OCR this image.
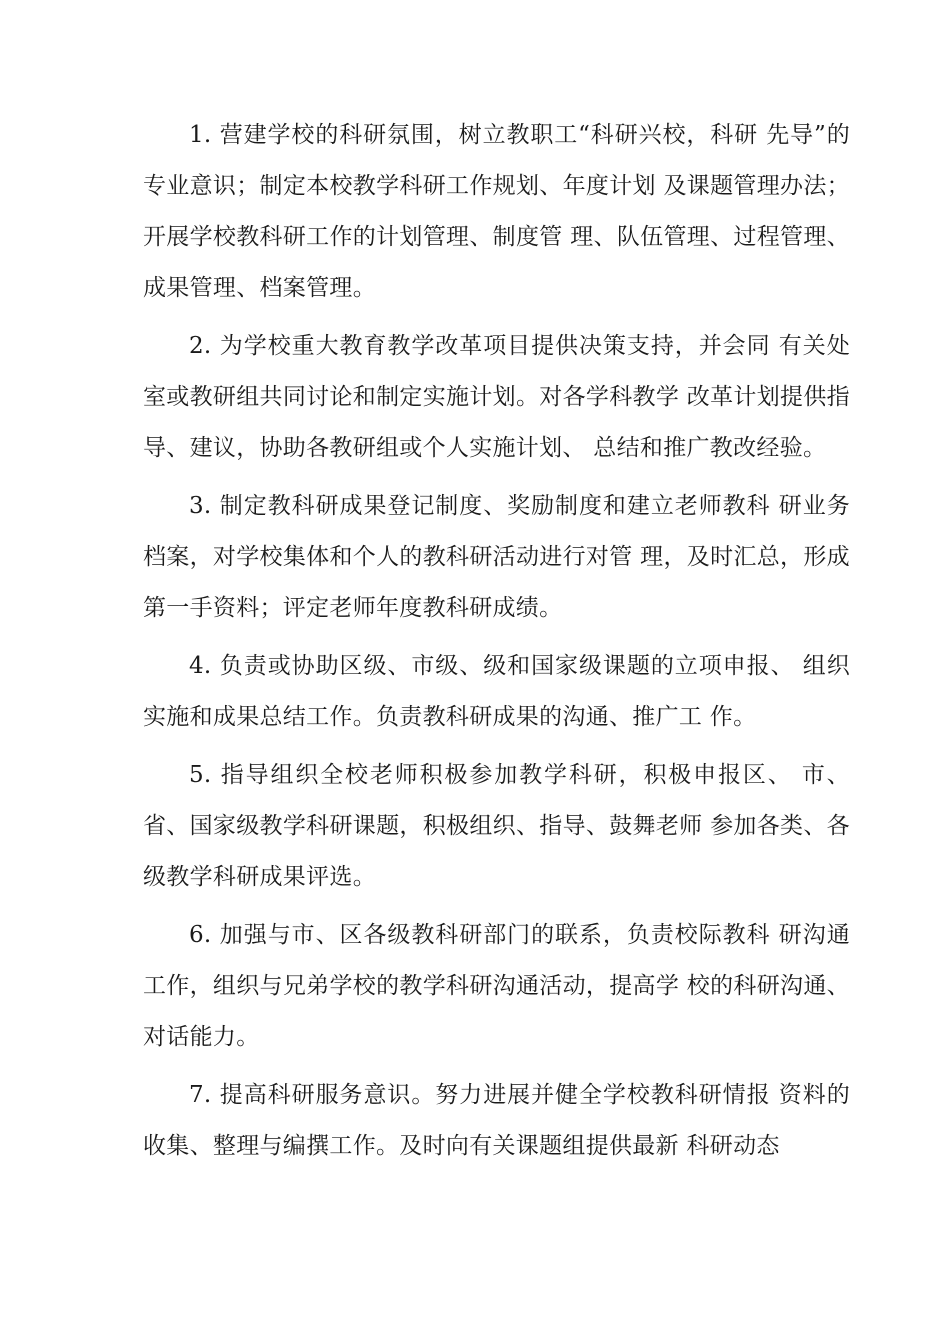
1. 营建学校的科研氛围，树立教职工“科研兴校，科研 先导”的专业意识；制定本校教学科研工作规划、年度计划 及课题管理办法；开展学校教科研工作的计划管理、制度管 理、队伍管理、过程管理、成果管理、档案管理。

2. 为学校重大教育教学改革项目提供决策支持，并会同 有关处室或教研组共同讨论和制定实施计划。对各学科教学 改革计划提供指导、建议，协助各教研组或个人实施计划、 总结和推广教改经验。

3. 制定教科研成果登记制度、奖励制度和建立老师教科 研业务档案，对学校集体和个人的教科研活动进行对管 理，及时汇总，形成第一手资料；评定老师年度教科研成绩。

4. 负责或协助区级、市级、级和国家级课题的立项申报、 组织实施和成果总结工作。负责教科研成果的沟通、推广工 作。

5. 指导组织全校老师积极参加教学科研，积极申报区、 市、省、国家级教学科研课题，积极组织、指导、鼓舞老师 参加各类、各级教学科研成果评选。

6. 加强与市、区各级教科研部门的联系，负责校际教科 研沟通工作，组织与兄弟学校的教学科研沟通活动，提高学 校的科研沟通、对话能力。

7. 提高科研服务意识。努力进展并健全学校教科研情报 资料的收集、整理与编撰工作。及时向有关课题组提供最新 科研动态
